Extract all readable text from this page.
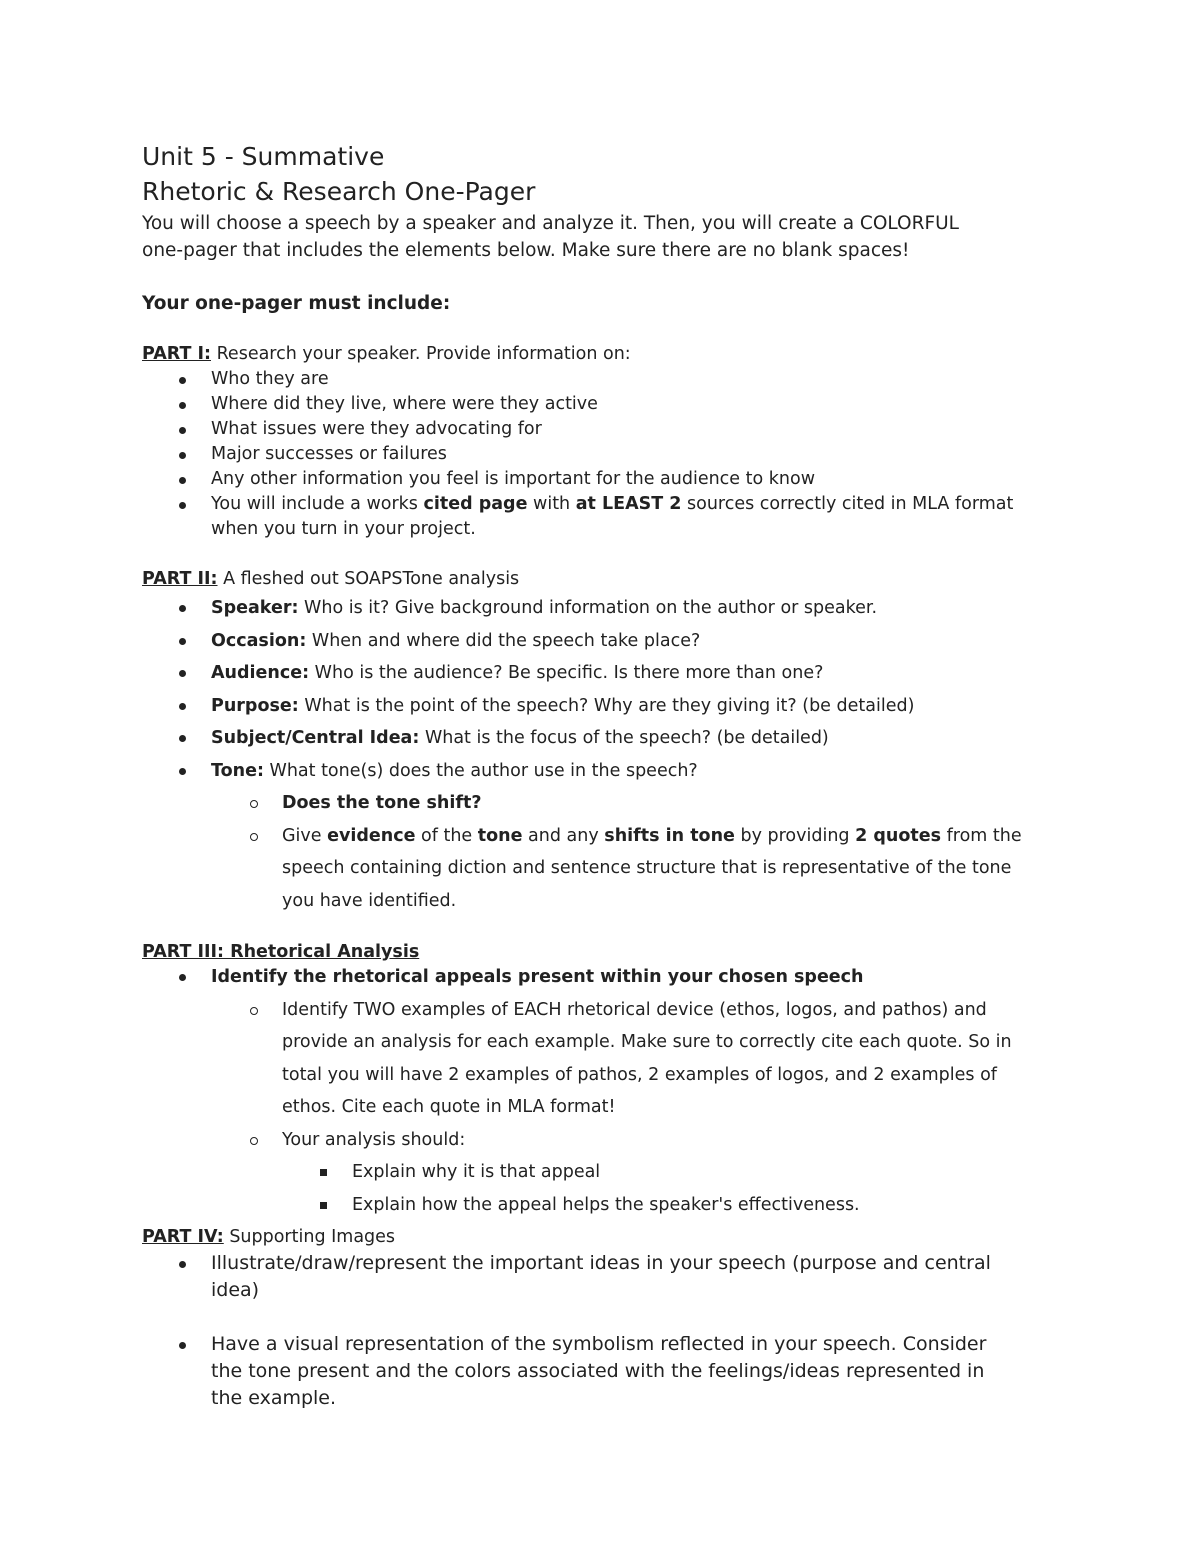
Unit 5 - Summative
Rhetoric & Research One-Pager

You will choose a speech by a speaker and analyze it. Then, you will create a COLORFUL

one-pager that includes the elements below. Make sure there are no blank spaces!

Your one-pager must include:

PART I: Research your speaker. Provide information on:

Who they are
Where did they live, where were they active
What issues were they advocating for
Major successes or failures
Any other information you feel is important for the audience to know
You will include a works cited page with at LEAST 2 sources correctly cited in MLA format
when you turn in your project.

PART II: A fleshed out SOAPSTone analysis

Speaker: Who is it? Give background information on the author or speaker.
Occasion: When and where did the speech take place?
Audience: Who is the audience? Be specific. Is there more than one?
Purpose: What is the point of the speech? Why are they giving it? (be detailed)
Subject/Central Idea: What is the focus of the speech? (be detailed)
Tone: What tone(s) does the author use in the speech?
Does the tone shift?
Give evidence of the tone and any shifts in tone by providing 2 quotes from the
speech containing diction and sentence structure that is representative of the tone
you have identified.

PART III: Rhetorical Analysis

Identify the rhetorical appeals present within your chosen speech
Identify TWO examples of EACH rhetorical device (ethos, logos, and pathos) and
provide an analysis for each example. Make sure to correctly cite each quote. So in
total you will have 2 examples of pathos, 2 examples of logos, and 2 examples of
ethos. Cite each quote in MLA format!
Your analysis should:
Explain why it is that appeal
Explain how the appeal helps the speaker's effectiveness.

PART IV: Supporting Images

Illustrate/draw/represent the important ideas in your speech (purpose and central
idea)
Have a visual representation of the symbolism reflected in your speech. Consider
the tone present and the colors associated with the feelings/ideas represented in
the example.
